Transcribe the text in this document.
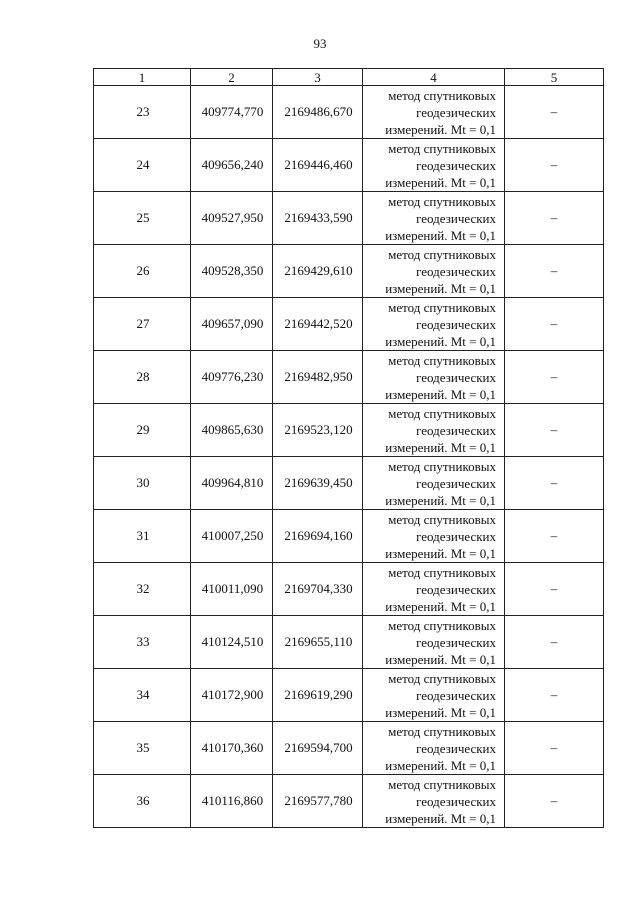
93
1	2	3	4	5
23	409774,770	2169486,670	метод спутниковых
геодезических
измерений. Mt = 0,1	–
24	409656,240	2169446,460	метод спутниковых
геодезических
измерений. Mt = 0,1	–
25	409527,950	2169433,590	метод спутниковых
геодезических
измерений. Mt = 0,1	–
26	409528,350	2169429,610	метод спутниковых
геодезических
измерений. Mt = 0,1	–
27	409657,090	2169442,520	метод спутниковых
геодезических
измерений. Mt = 0,1	–
28	409776,230	2169482,950	метод спутниковых
геодезических
измерений. Mt = 0,1	–
29	409865,630	2169523,120	метод спутниковых
геодезических
измерений. Mt = 0,1	–
30	409964,810	2169639,450	метод спутниковых
геодезических
измерений. Mt = 0,1	–
31	410007,250	2169694,160	метод спутниковых
геодезических
измерений. Mt = 0,1	–
32	410011,090	2169704,330	метод спутниковых
геодезических
измерений. Mt = 0,1	–
33	410124,510	2169655,110	метод спутниковых
геодезических
измерений. Mt = 0,1	–
34	410172,900	2169619,290	метод спутниковых
геодезических
измерений. Mt = 0,1	–
35	410170,360	2169594,700	метод спутниковых
геодезических
измерений. Mt = 0,1	–
36	410116,860	2169577,780	метод спутниковых
геодезических
измерений. Mt = 0,1	–
